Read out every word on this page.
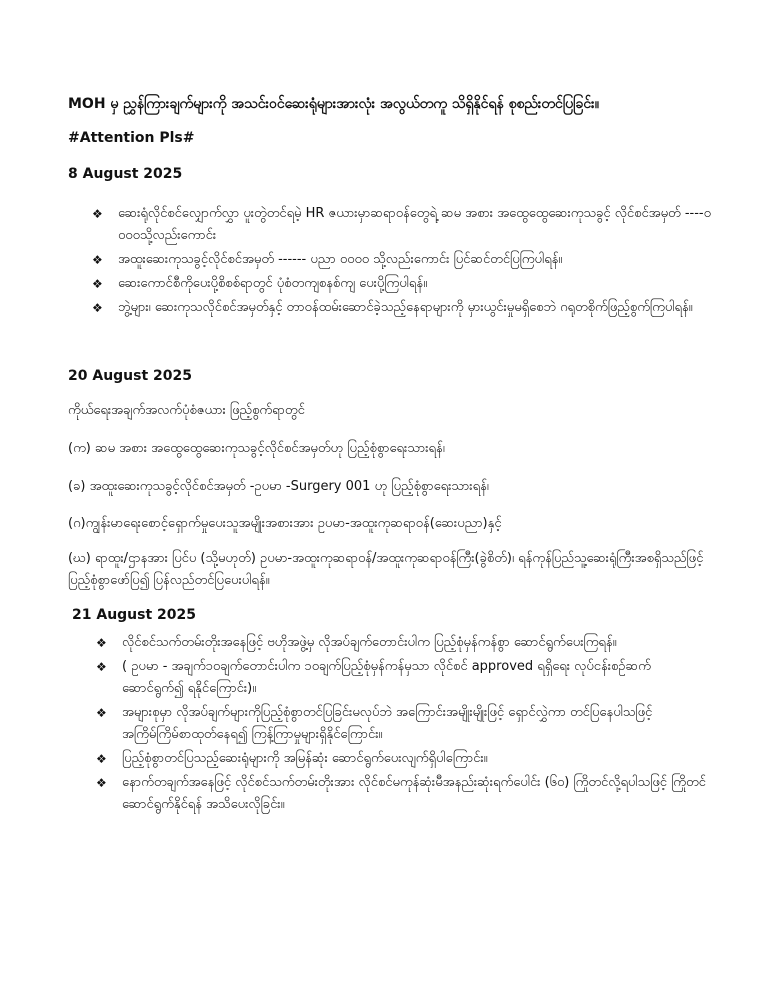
MOH မှ ညွှန်ကြားချက်များကို အသင်းဝင်ဆေးရုံများအားလုံး အလွယ်တကူ သိရှိနိုင်ရန် စုစည်းတင်ပြခြင်း။
#Attention Pls#
8 August 2025
❖ ဆေးရုံလိုင်စင်လျှောက်လွှာ ပူးတွဲတင်ရမဲ့ HR ဇယားမှာဆရာဝန်တွေရဲ့ ဆမ အစား အထွေထွေဆေးကုသခွင့် လိုင်စင်အမှတ် ----ဝဝဝဝသို့လည်းကောင်း
❖ အထူးဆေးကုသခွင့်လိုင်စင်အမှတ် ------ ပညာ ဝဝဝဝ သို့လည်းကောင်း ပြင်ဆင်တင်ပြကြပါရန်။
❖ ဆေးကောင်စီကိုပေးပို့စိစစ်ရာတွင် ပုံစံတကျစနစ်ကျ ပေးပို့ကြပါရန်။
❖ ဘွဲ့များ၊ ဆေးကုသလိုင်စင်အမှတ်နှင့် တာဝန်ထမ်းဆောင်ခဲ့သည့်နေရာများကို မှားယွင်းမှုမရှိစေဘဲ ဂရုတစိုက်ဖြည့်စွက်ကြပါရန်။
20 August 2025
ကိုယ်ရေးအချက်အလက်ပုံစံဇယား ဖြည့်စွက်ရာတွင်
(က) ဆမ အစား အထွေထွေဆေးကုသခွင့်လိုင်စင်အမှတ်ဟု ပြည့်စုံစွာရေးသားရန်၊
(ခ) အထူးဆေးကုသခွင့်လိုင်စင်အမှတ် -ဥပမာ -Surgery 001 ဟု ပြည့်စုံစွာရေးသားရန်၊
(ဂ)ကျွန်းမာရေးစောင့်ရှောက်မှုပေးသူအမျိုးအစားအား ဥပမာ-အထူးကုဆရာဝန်(ဆေးပညာ)နှင့်
(ဃ) ရာထူး/ဌာနအား ပြင်ပ (သို့မဟုတ်) ဥပမာ-အထူးကုဆရာဝန်/အထူးကုဆရာဝန်ကြီး(ခွဲစိတ်)၊ ရန်ကုန်ပြည်သူ့ဆေးရုံကြီးအစရှိသည်ဖြင့် ပြည့်စုံစွာဖော်ပြ၍ ပြန်လည်တင်ပြပေးပါရန်။
21 August 2025
❖ လိုင်စင်သက်တမ်းတိုးအနေဖြင့် ဗဟိုအဖွဲ့မှ လိုအပ်ချက်တောင်းပါက ပြည့်စုံမှန်ကန်စွာ ဆောင်ရွက်ပေးကြရန်။
❖ ( ဥပမာ - အချက်၁၀ချက်တောင်းပါက ၁၀ချက်ပြည့်စုံမှန်ကန်မှသာ လိုင်စင် approved ရရှိရေး လုပ်ငန်းစဉ်ဆက်ဆောင်ရွက်၍ ရနိုင်ကြောင်း)။
❖ အများစုမှာ လိုအပ်ချက်များကိုပြည့်စုံစွာတင်ပြခြင်းမလုပ်ဘဲ အကြောင်းအမျိုးမျိုးဖြင့် ရှောင်လွှဲကာ တင်ပြနေပါသဖြင့် အကြိမ်ကြိမ်စာထုတ်နေရ၍ ကြန့်ကြာမှုများရှိနိုင်ကြောင်း။
❖ ပြည့်စုံစွာတင်ပြသည့်ဆေးရုံများကို အမြန်ဆုံး ဆောင်ရွက်ပေးလျက်ရှိပါကြောင်း။
❖ နောက်တချက်အနေဖြင့် လိုင်စင်သက်တမ်းတိုးအား လိုင်စင်မကုန်ဆုံးမီအနည်းဆုံးရက်ပေါင်း (၆၀) ကြိုတင်လို့ရပါသဖြင့် ကြိုတင်ဆောင်ရွက်နိုင်ရန် အသိပေးလိုခြင်း။
